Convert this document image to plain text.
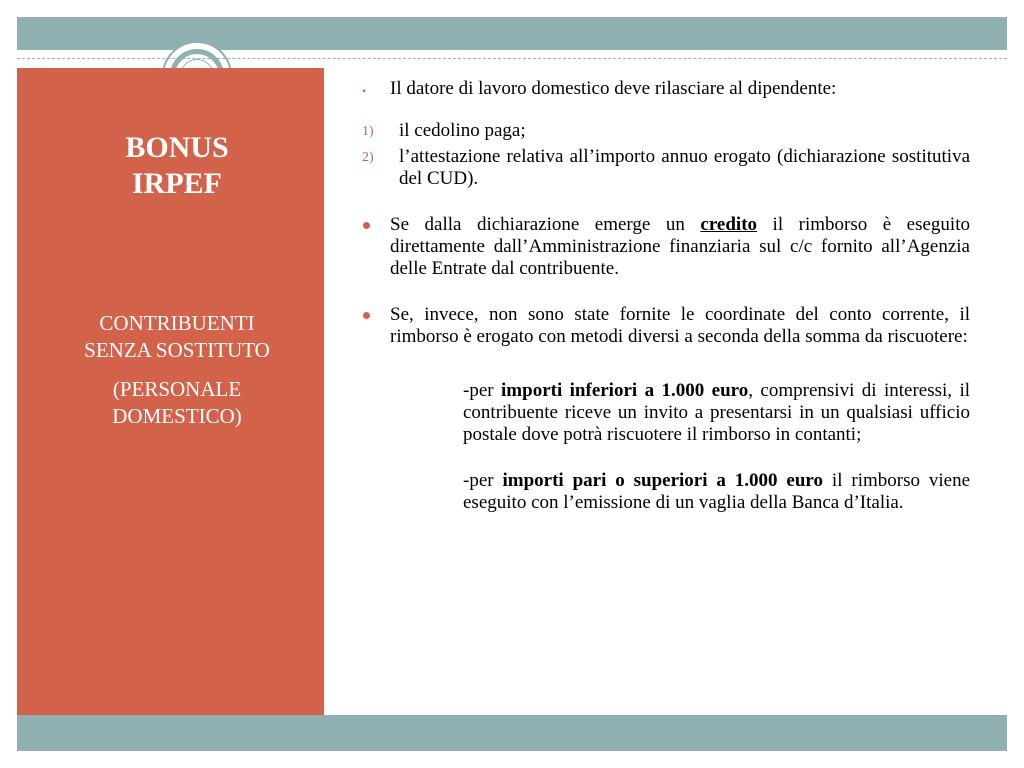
BONUS
IRPEF

CONTRIBUENTI
SENZA SOSTITUTO

(PERSONALE
DOMESTICO)

• Il datore di lavoro domestico deve rilasciare al dipendente:
1) il cedolino paga;
2) l’attestazione relativa all’importo annuo erogato (dichiarazione sostitutiva del CUD).
Se dalla dichiarazione emerge un credito il rimborso è eseguito direttamente dall’Amministrazione finanziaria sul c/c fornito all’Agenzia delle Entrate dal contribuente.
Se, invece, non sono state fornite le coordinate del conto corrente, il rimborso è erogato con metodi diversi a seconda della somma da riscuotere:
-per importi inferiori a 1.000 euro, comprensivi di interessi, il contribuente riceve un invito a presentarsi in un qualsiasi ufficio postale dove potrà riscuotere il rimborso in contanti;
-per importi pari o superiori a 1.000 euro il rimborso viene eseguito con l’emissione di un vaglia della Banca d’Italia.
